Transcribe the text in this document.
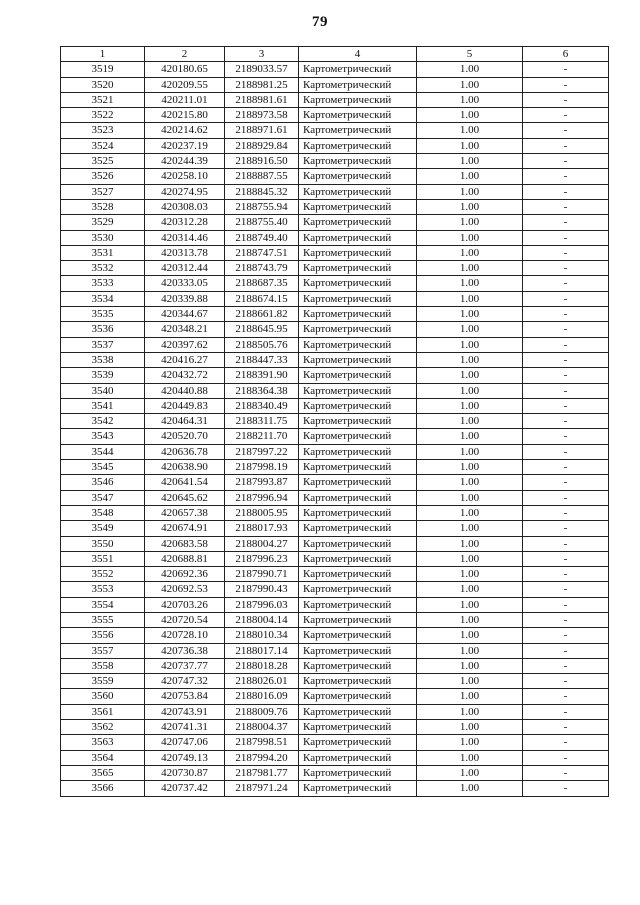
79
1	2	3	4	5	6
3519	420180.65	2189033.57	Картометрический	1.00	-
3520	420209.55	2188981.25	Картометрический	1.00	-
3521	420211.01	2188981.61	Картометрический	1.00	-
3522	420215.80	2188973.58	Картометрический	1.00	-
3523	420214.62	2188971.61	Картометрический	1.00	-
3524	420237.19	2188929.84	Картометрический	1.00	-
3525	420244.39	2188916.50	Картометрический	1.00	-
3526	420258.10	2188887.55	Картометрический	1.00	-
3527	420274.95	2188845.32	Картометрический	1.00	-
3528	420308.03	2188755.94	Картометрический	1.00	-
3529	420312.28	2188755.40	Картометрический	1.00	-
3530	420314.46	2188749.40	Картометрический	1.00	-
3531	420313.78	2188747.51	Картометрический	1.00	-
3532	420312.44	2188743.79	Картометрический	1.00	-
3533	420333.05	2188687.35	Картометрический	1.00	-
3534	420339.88	2188674.15	Картометрический	1.00	-
3535	420344.67	2188661.82	Картометрический	1.00	-
3536	420348.21	2188645.95	Картометрический	1.00	-
3537	420397.62	2188505.76	Картометрический	1.00	-
3538	420416.27	2188447.33	Картометрический	1.00	-
3539	420432.72	2188391.90	Картометрический	1.00	-
3540	420440.88	2188364.38	Картометрический	1.00	-
3541	420449.83	2188340.49	Картометрический	1.00	-
3542	420464.31	2188311.75	Картометрический	1.00	-
3543	420520.70	2188211.70	Картометрический	1.00	-
3544	420636.78	2187997.22	Картометрический	1.00	-
3545	420638.90	2187998.19	Картометрический	1.00	-
3546	420641.54	2187993.87	Картометрический	1.00	-
3547	420645.62	2187996.94	Картометрический	1.00	-
3548	420657.38	2188005.95	Картометрический	1.00	-
3549	420674.91	2188017.93	Картометрический	1.00	-
3550	420683.58	2188004.27	Картометрический	1.00	-
3551	420688.81	2187996.23	Картометрический	1.00	-
3552	420692.36	2187990.71	Картометрический	1.00	-
3553	420692.53	2187990.43	Картометрический	1.00	-
3554	420703.26	2187996.03	Картометрический	1.00	-
3555	420720.54	2188004.14	Картометрический	1.00	-
3556	420728.10	2188010.34	Картометрический	1.00	-
3557	420736.38	2188017.14	Картометрический	1.00	-
3558	420737.77	2188018.28	Картометрический	1.00	-
3559	420747.32	2188026.01	Картометрический	1.00	-
3560	420753.84	2188016.09	Картометрический	1.00	-
3561	420743.91	2188009.76	Картометрический	1.00	-
3562	420741.31	2188004.37	Картометрический	1.00	-
3563	420747.06	2187998.51	Картометрический	1.00	-
3564	420749.13	2187994.20	Картометрический	1.00	-
3565	420730.87	2187981.77	Картометрический	1.00	-
3566	420737.42	2187971.24	Картометрический	1.00	-
